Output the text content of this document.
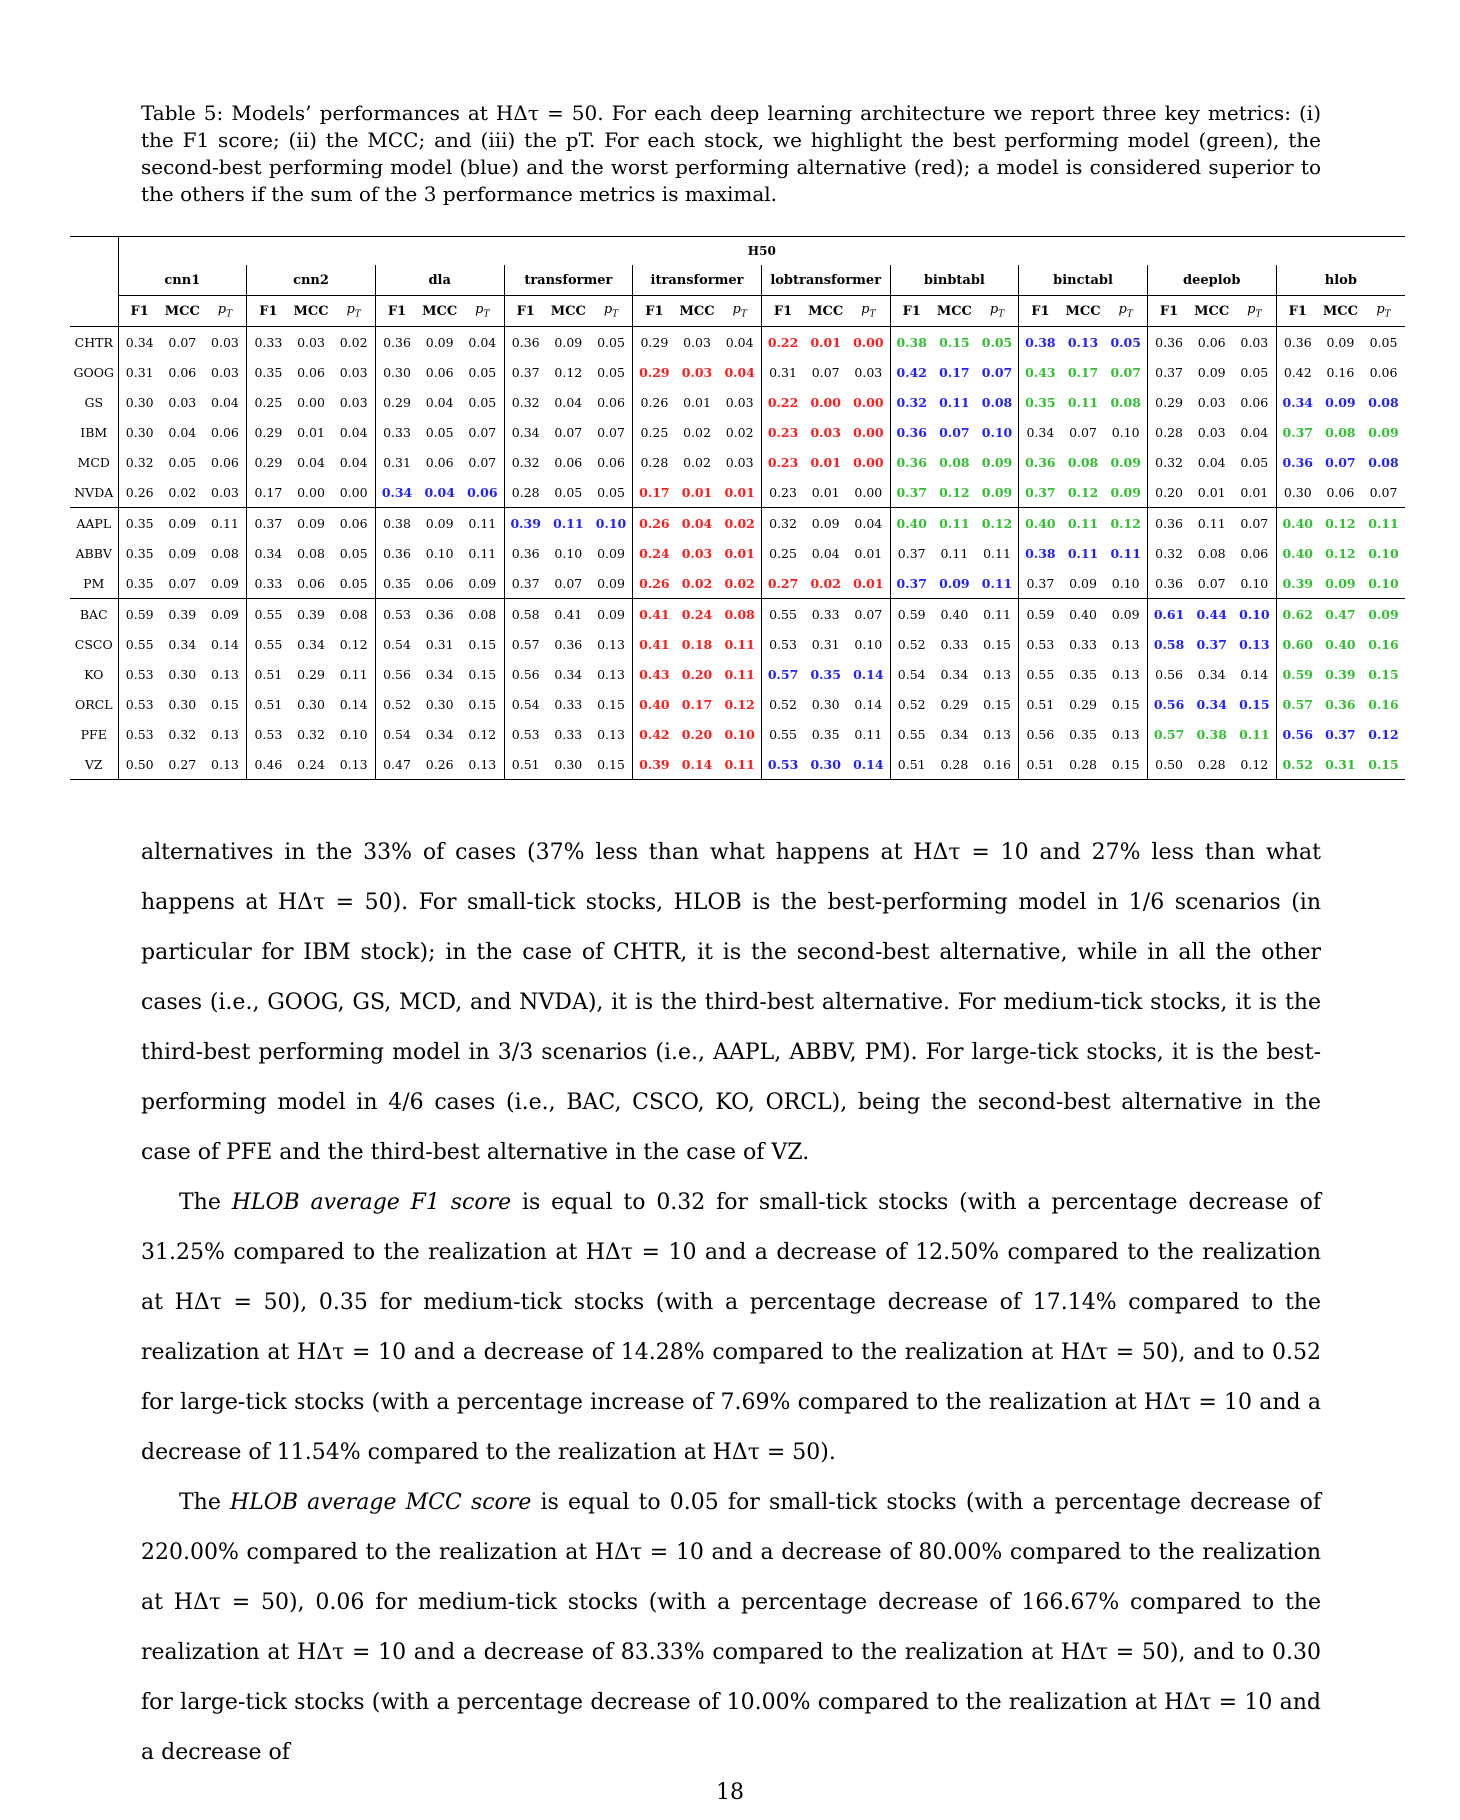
Table 5: Models’ performances at HΔτ = 50. For each deep learning architecture we report three key metrics: (i) the F1 score; (ii) the MCC; and (iii) the pT. For each stock, we highlight the best performing model (green), the second-best performing model (blue) and the worst performing alternative (red); a model is considered superior to the others if the sum of the 3 performance metrics is maximal.
	H50																													
	cnn1			cnn2			dla			transformer			itransformer			lobtransformer			binbtabl			binctabl			deeplob			hlob		
	F1	MCC	$p_T$	F1	MCC	$p_T$	F1	MCC	$p_T$	F1	MCC	$p_T$	F1	MCC	$p_T$	F1	MCC	$p_T$	F1	MCC	$p_T$	F1	MCC	$p_T$	F1	MCC	$p_T$	F1	MCC	$p_T$
CHTR	0.34	0.07	0.03	0.33	0.03	0.02	0.36	0.09	0.04	0.36	0.09	0.05	0.29	0.03	0.04	0.22	0.01	0.00	0.38	0.15	0.05	0.38	0.13	0.05	0.36	0.06	0.03	0.36	0.09	0.05
GOOG	0.31	0.06	0.03	0.35	0.06	0.03	0.30	0.06	0.05	0.37	0.12	0.05	0.29	0.03	0.04	0.31	0.07	0.03	0.42	0.17	0.07	0.43	0.17	0.07	0.37	0.09	0.05	0.42	0.16	0.06
GS	0.30	0.03	0.04	0.25	0.00	0.03	0.29	0.04	0.05	0.32	0.04	0.06	0.26	0.01	0.03	0.22	0.00	0.00	0.32	0.11	0.08	0.35	0.11	0.08	0.29	0.03	0.06	0.34	0.09	0.08
IBM	0.30	0.04	0.06	0.29	0.01	0.04	0.33	0.05	0.07	0.34	0.07	0.07	0.25	0.02	0.02	0.23	0.03	0.00	0.36	0.07	0.10	0.34	0.07	0.10	0.28	0.03	0.04	0.37	0.08	0.09
MCD	0.32	0.05	0.06	0.29	0.04	0.04	0.31	0.06	0.07	0.32	0.06	0.06	0.28	0.02	0.03	0.23	0.01	0.00	0.36	0.08	0.09	0.36	0.08	0.09	0.32	0.04	0.05	0.36	0.07	0.08
NVDA	0.26	0.02	0.03	0.17	0.00	0.00	0.34	0.04	0.06	0.28	0.05	0.05	0.17	0.01	0.01	0.23	0.01	0.00	0.37	0.12	0.09	0.37	0.12	0.09	0.20	0.01	0.01	0.30	0.06	0.07
AAPL	0.35	0.09	0.11	0.37	0.09	0.06	0.38	0.09	0.11	0.39	0.11	0.10	0.26	0.04	0.02	0.32	0.09	0.04	0.40	0.11	0.12	0.40	0.11	0.12	0.36	0.11	0.07	0.40	0.12	0.11
ABBV	0.35	0.09	0.08	0.34	0.08	0.05	0.36	0.10	0.11	0.36	0.10	0.09	0.24	0.03	0.01	0.25	0.04	0.01	0.37	0.11	0.11	0.38	0.11	0.11	0.32	0.08	0.06	0.40	0.12	0.10
PM	0.35	0.07	0.09	0.33	0.06	0.05	0.35	0.06	0.09	0.37	0.07	0.09	0.26	0.02	0.02	0.27	0.02	0.01	0.37	0.09	0.11	0.37	0.09	0.10	0.36	0.07	0.10	0.39	0.09	0.10
BAC	0.59	0.39	0.09	0.55	0.39	0.08	0.53	0.36	0.08	0.58	0.41	0.09	0.41	0.24	0.08	0.55	0.33	0.07	0.59	0.40	0.11	0.59	0.40	0.09	0.61	0.44	0.10	0.62	0.47	0.09
CSCO	0.55	0.34	0.14	0.55	0.34	0.12	0.54	0.31	0.15	0.57	0.36	0.13	0.41	0.18	0.11	0.53	0.31	0.10	0.52	0.33	0.15	0.53	0.33	0.13	0.58	0.37	0.13	0.60	0.40	0.16
KO	0.53	0.30	0.13	0.51	0.29	0.11	0.56	0.34	0.15	0.56	0.34	0.13	0.43	0.20	0.11	0.57	0.35	0.14	0.54	0.34	0.13	0.55	0.35	0.13	0.56	0.34	0.14	0.59	0.39	0.15
ORCL	0.53	0.30	0.15	0.51	0.30	0.14	0.52	0.30	0.15	0.54	0.33	0.15	0.40	0.17	0.12	0.52	0.30	0.14	0.52	0.29	0.15	0.51	0.29	0.15	0.56	0.34	0.15	0.57	0.36	0.16
PFE	0.53	0.32	0.13	0.53	0.32	0.10	0.54	0.34	0.12	0.53	0.33	0.13	0.42	0.20	0.10	0.55	0.35	0.11	0.55	0.34	0.13	0.56	0.35	0.13	0.57	0.38	0.11	0.56	0.37	0.12
VZ	0.50	0.27	0.13	0.46	0.24	0.13	0.47	0.26	0.13	0.51	0.30	0.15	0.39	0.14	0.11	0.53	0.30	0.14	0.51	0.28	0.16	0.51	0.28	0.15	0.50	0.28	0.12	0.52	0.31	0.15

alternatives in the 33% of cases (37% less than what happens at HΔτ = 10 and 27% less than what happens at HΔτ = 50). For small-tick stocks, HLOB is the best-performing model in 1/6 scenarios (in particular for IBM stock); in the case of CHTR, it is the second-best alternative, while in all the other cases (i.e., GOOG, GS, MCD, and NVDA), it is the third-best alternative. For medium-tick stocks, it is the third-best performing model in 3/3 scenarios (i.e., AAPL, ABBV, PM). For large-tick stocks, it is the best-performing model in 4/6 cases (i.e., BAC, CSCO, KO, ORCL), being the second-best alternative in the case of PFE and the third-best alternative in the case of VZ.

The HLOB average F1 score is equal to 0.32 for small-tick stocks (with a percentage decrease of 31.25% compared to the realization at HΔτ = 10 and a decrease of 12.50% compared to the realization at HΔτ = 50), 0.35 for medium-tick stocks (with a percentage decrease of 17.14% compared to the realization at HΔτ = 10 and a decrease of 14.28% compared to the realization at HΔτ = 50), and to 0.52 for large-tick stocks (with a percentage increase of 7.69% compared to the realization at HΔτ = 10 and a decrease of 11.54% compared to the realization at HΔτ = 50).

The HLOB average MCC score is equal to 0.05 for small-tick stocks (with a percentage decrease of 220.00% compared to the realization at HΔτ = 10 and a decrease of 80.00% compared to the realization at HΔτ = 50), 0.06 for medium-tick stocks (with a percentage decrease of 166.67% compared to the realization at HΔτ = 10 and a decrease of 83.33% compared to the realization at HΔτ = 50), and to 0.30 for large-tick stocks (with a percentage decrease of 10.00% compared to the realization at HΔτ = 10 and a decrease of

18
